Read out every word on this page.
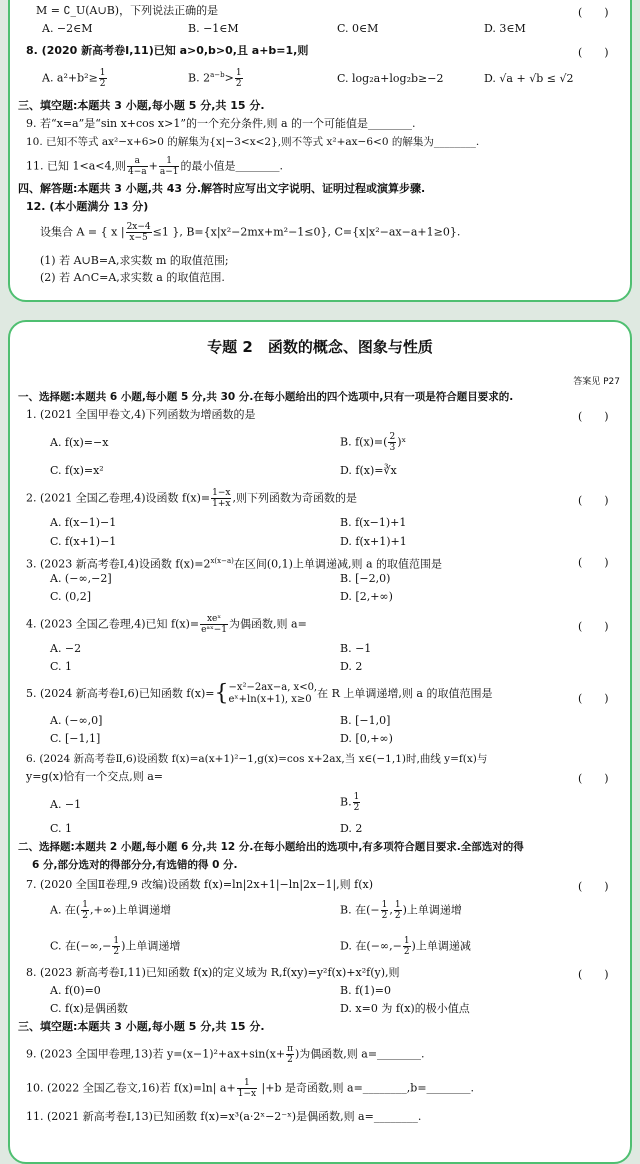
M = ∁_U(A∪B)，下列说法正确的是	(　　)
A. −2∈M	B. −1∈M	C. 0∈M	D. 3∈M
8. (2020 新高考卷Ⅰ,11)已知 a>0,b>0,且 a+b=1,则	(　　)
A. $a^2+b^2\ge \frac{1}{2}$	B. $2^{a-b}> \frac{1}{2}$	C. log₂a+log₂b≥−2	D. √a + √b ≤ √2
三、填空题:本题共 3 小题,每小题 5 分,共 15 分.
9. 若“x=a”是“sin x+cos x>1”的一个充分条件,则 a 的一个可能值是________.
10. 已知不等式 ax²−x+6>0 的解集为{x|−3<x<2},则不等式 x²+ax−6<0 的解集为________.
11. 已知 1<a<4,则 $\frac{a}{4-a} + \frac{1}{a-1}$ 的最小值是________.
四、解答题:本题共 3 小题,共 43 分.解答时应写出文字说明、证明过程或演算步骤.
12. (本小题满分 13 分)
设集合 A = { x | $\frac{2x-4}{x-5} \le 1$ }, B={x|x²−2mx+m²−1≤0}, C={x|x²−ax−a+1≥0}.
(1) 若 A∪B=A,求实数 m 的取值范围;
(2) 若 A∩C=A,求实数 a 的取值范围.
专题 2　函数的概念、图象与性质
答案见 P27
一、选择题:本题共 6 小题,每小题 5 分,共 30 分.在每小题给出的四个选项中,只有一项是符合题目要求的.
1. (2021 全国甲卷文,4)下列函数为增函数的是	(　　)
A. f(x)=−x	B. $f(x)=( \frac{2}{3}$ )ˣ
C. f(x)=x²	D. f(x)=∛x
2. (2021 全国乙卷理,4)设函数 $f(x)= \frac{1-x}{1+x}$ ,则下列函数为奇函数的是	(　　)
A. f(x−1)−1	B. f(x−1)+1
C. f(x+1)−1	D. f(x+1)+1
3. (2023 新高考卷Ⅰ,4)设函数 $f(x)=2^{x(x-a)}$在区间(0,1)上单调递减,则 a 的取值范围是	(　　)
A. (−∞,−2]	B. [−2,0)
C. (0,2]	D. [2,+∞)
4. (2023 全国乙卷理,4)已知 $f(x)= \frac{\text{xeˣ}}{\text{eᵃˣ−1}}$ 为偶函数,则 a=	(　　)
A. −2	B. −1
C. 1	D. 2
5. (2024 新高考卷Ⅰ,6)已知函数 f(x)={ −x²−2ax−a, x<0,
eˣ+ln(x+1), x≥0 在 R 上单调递增,则 a 的取值范围是	(　　)
A. (−∞,0]	B. [−1,0]
C. [−1,1]	D. [0,+∞)
6. (2024 新高考卷Ⅱ,6)设函数 f(x)=a(x+1)²−1,g(x)=cos x+2ax,当 x∈(−1,1)时,曲线 y=f(x)与
y=g(x)恰有一个交点,则 a=	(　　)
A. −1	B. $\frac{1}{2}$
C. 1	D. 2
二、选择题:本题共 2 小题,每小题 6 分,共 12 分.在每小题给出的选项中,有多项符合题目要求.全部选对的得
6 分,部分选对的得部分分,有选错的得 0 分.
7. (2020 全国Ⅱ卷理,9 改编)设函数 f(x)=ln|2x+1|−ln|2x−1|,则 f(x)	(　　)
A. 在( $\frac{1}{2}$ ,+∞)上单调递增	B. 在(− $\frac{1}{2}$ , $\frac{1}{2}$ )上单调递增
C. 在(−∞,− $\frac{1}{2}$ )上单调递增	D. 在(−∞,− $\frac{1}{2}$ )上单调递减
8. (2023 新高考卷Ⅰ,11)已知函数 f(x)的定义域为 R,f(xy)=y²f(x)+x²f(y),则	(　　)
A. f(0)=0	B. f(1)=0
C. f(x)是偶函数	D. x=0 为 f(x)的极小值点
三、填空题:本题共 3 小题,每小题 5 分,共 15 分.
9. (2023 全国甲卷理,13)若 $y=(x-1)^2+ax+\sin(x+ \frac{\pi}{2}$ )为偶函数,则 a=________.
10. (2022 全国乙卷文,16)若 f(x)=ln| $a+ \frac{1}{1-x} |+b$ 是奇函数,则 a=________,b=________.
11. (2021 新高考卷Ⅰ,13)已知函数 f(x)=x³(a·2ˣ−2⁻ˣ)是偶函数,则 a=________.
